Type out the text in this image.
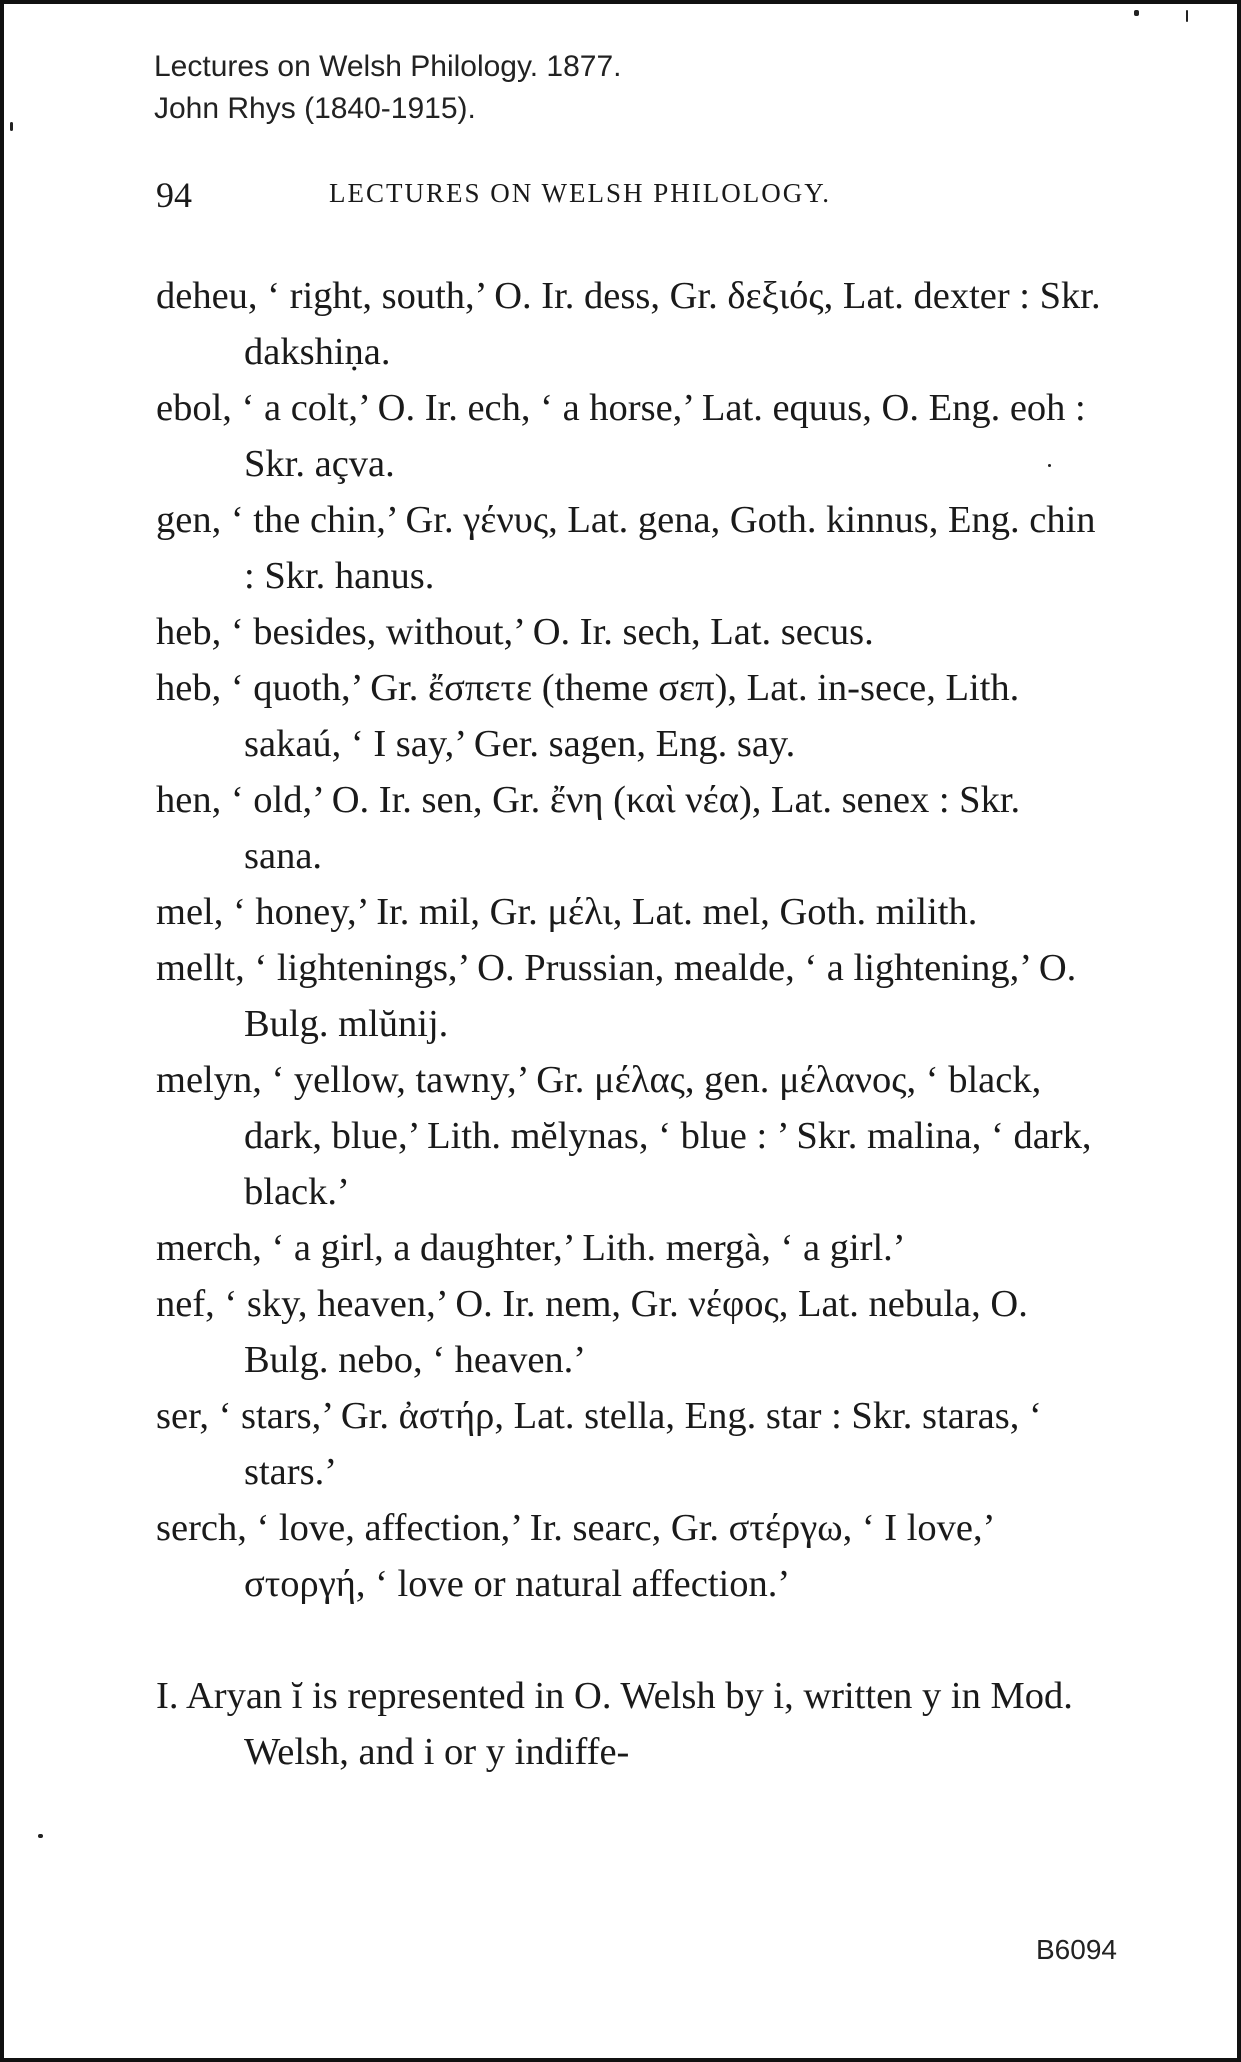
Lectures on Welsh Philology. 1877.
John Rhys (1840-1915).
94	LECTURES ON WELSH PHILOLOGY.

deheu, ‘ right, south,’ O. Ir. dess, Gr. δεξιός, Lat. dexter : Skr. dakshiṇa.

ebol, ‘ a colt,’ O. Ir. ech, ‘ a horse,’ Lat. equus, O. Eng. eoh : Skr. açva.

gen, ‘ the chin,’ Gr. γένυς, Lat. gena, Goth. kinnus, Eng. chin : Skr. hanus.

heb, ‘ besides, without,’ O. Ir. sech, Lat. secus.

heb, ‘ quoth,’ Gr. ἔσπετε (theme σεπ), Lat. in-sece, Lith. sakaú, ‘ I say,’ Ger. sagen, Eng. say.

hen, ‘ old,’ O. Ir. sen, Gr. ἔνη (καὶ νέα), Lat. senex : Skr. sana.

mel, ‘ honey,’ Ir. mil, Gr. μέλι, Lat. mel, Goth. milith.

mellt, ‘ lightenings,’ O. Prussian, mealde, ‘ a lightening,’ O. Bulg. mlŭnij.

melyn, ‘ yellow, tawny,’ Gr. μέλας, gen. μέλανος, ‘ black, dark, blue,’ Lith. mĕlynas, ‘ blue : ’ Skr. malina, ‘ dark, black.’

merch, ‘ a girl, a daughter,’ Lith. mergà, ‘ a girl.’

nef, ‘ sky, heaven,’ O. Ir. nem, Gr. νέφος, Lat. nebula, O. Bulg. nebo, ‘ heaven.’

ser, ‘ stars,’ Gr. ἀστήρ, Lat. stella, Eng. star : Skr. staras, ‘ stars.’

serch, ‘ love, affection,’ Ir. searc, Gr. στέργω, ‘ I love,’ στοργή, ‘ love or natural affection.’

I. Aryan ĭ is represented in O. Welsh by i, written y in Mod. Welsh, and i or y indiffe-

B6094
